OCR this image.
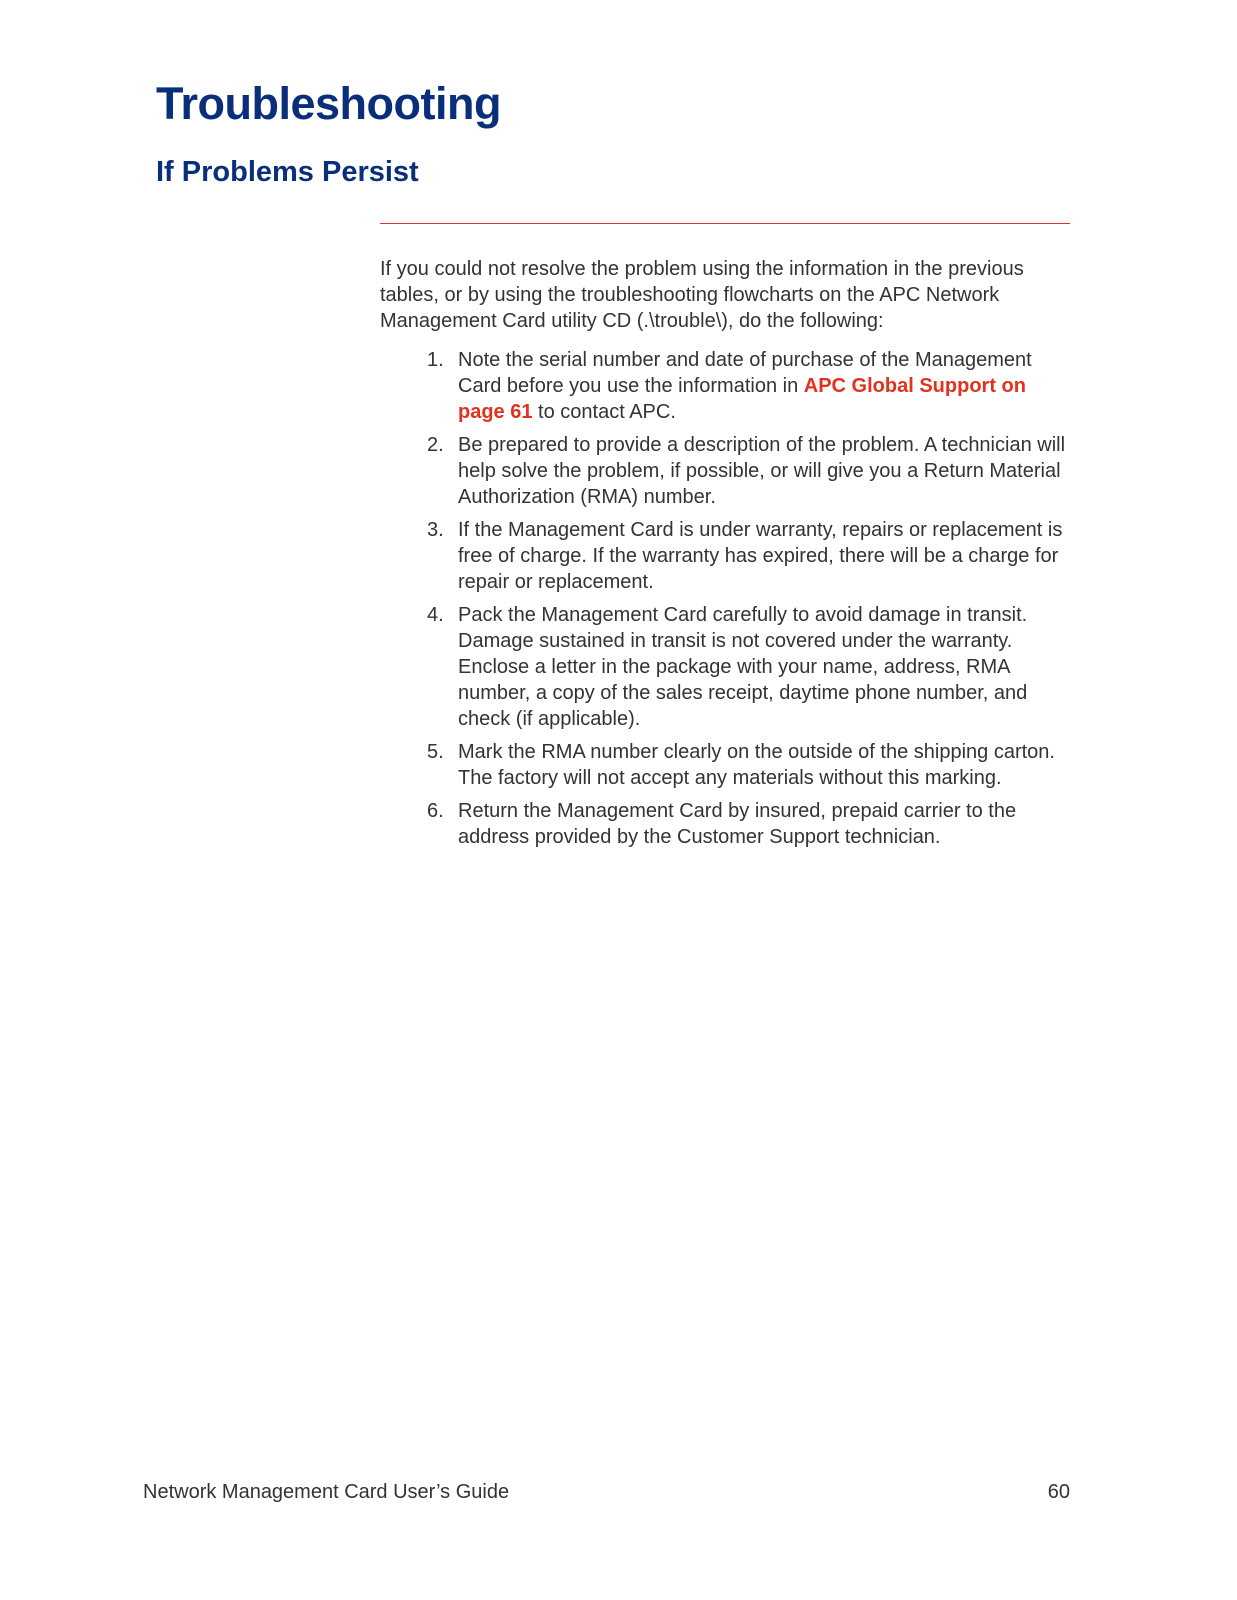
Troubleshooting
If Problems Persist

If you could not resolve the problem using the information in the previous tables, or by using the troubleshooting flowcharts on the APC Network Management Card utility CD (.\trouble\), do the following:

1. Note the serial number and date of purchase of the Management Card before you use the information in APC Global Support on page 61 to contact APC.
2. Be prepared to provide a description of the problem. A technician will help solve the problem, if possible, or will give you a Return Material Authorization (RMA) number.
3. If the Management Card is under warranty, repairs or replacement is free of charge. If the warranty has expired, there will be a charge for repair or replacement.
4. Pack the Management Card carefully to avoid damage in transit. Damage sustained in transit is not covered under the warranty. Enclose a letter in the package with your name, address, RMA number, a copy of the sales receipt, daytime phone number, and check (if applicable).
5. Mark the RMA number clearly on the outside of the shipping carton. The factory will not accept any materials without this marking.
6. Return the Management Card by insured, prepaid carrier to the address provided by the Customer Support technician.

Network Management Card User’s Guide	60
